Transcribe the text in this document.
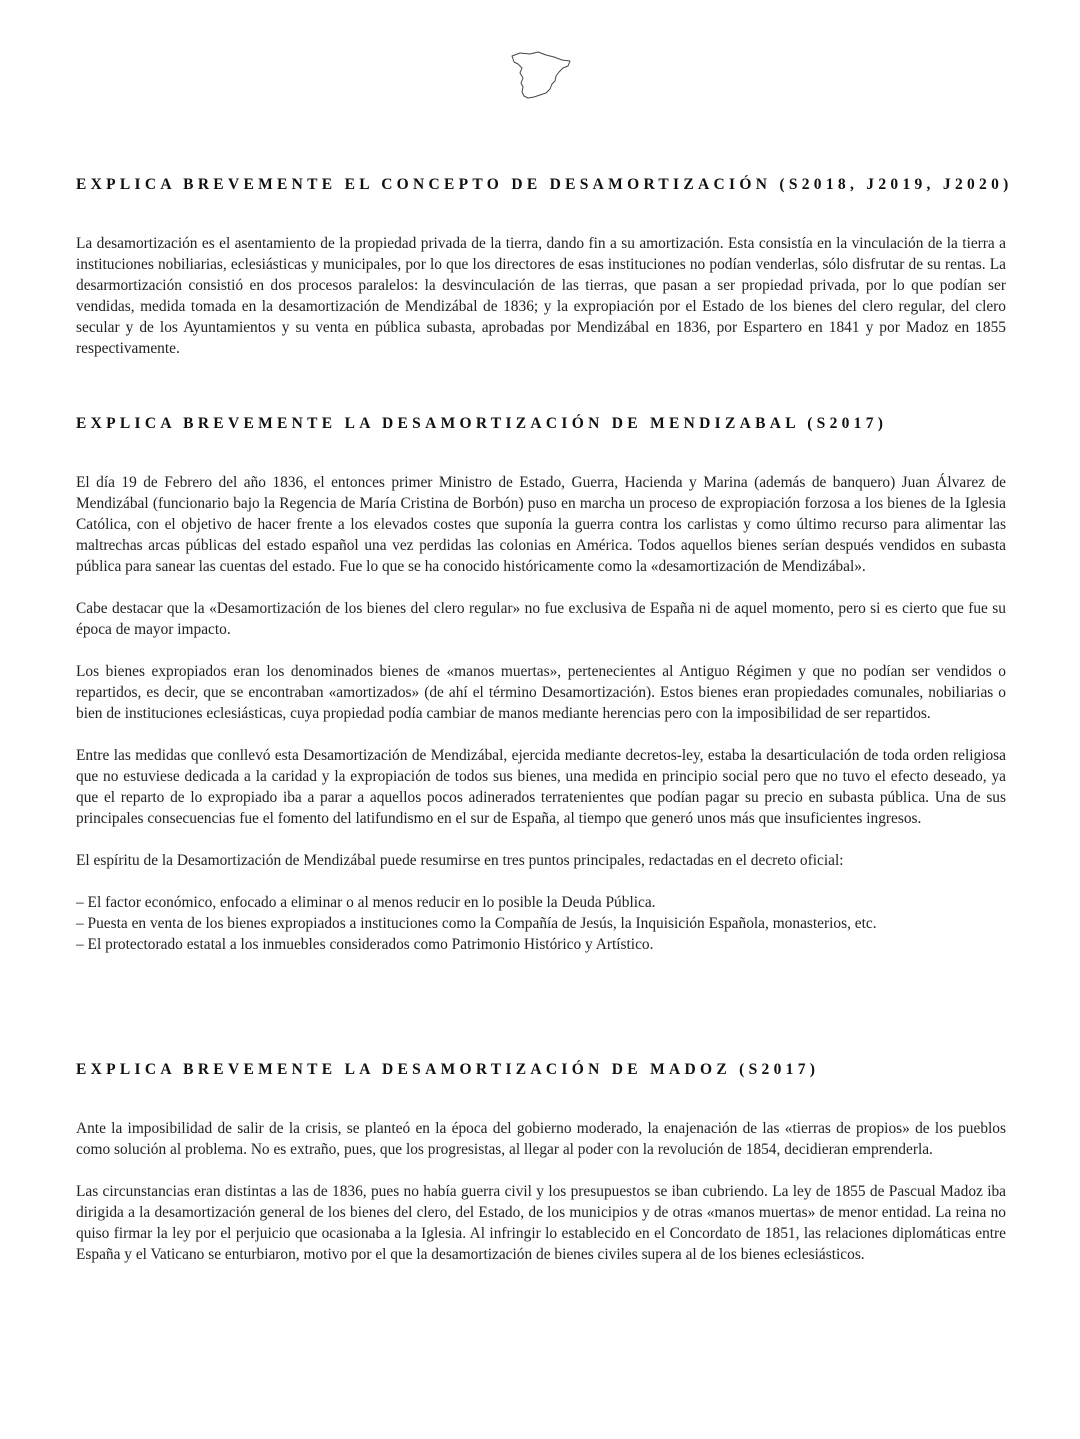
EXPLICA BREVEMENTE EL CONCEPTO DE DESAMORTIZACIÓN (S2018, J2019, J2020)

La desamortización es el asentamiento de la propiedad privada de la tierra, dando fin a su amortización. Esta consistía en la vinculación de la tierra a instituciones nobiliarias, eclesiásticas y municipales, por lo que los directores de esas instituciones no podían venderlas, sólo disfrutar de su rentas. La desarmortización consistió en dos procesos paralelos: la desvinculación de las tierras, que pasan a ser propiedad privada, por lo que podían ser vendidas, medida tomada en la desamortización de Mendizábal de 1836; y la expropiación por el Estado de los bienes del clero regular, del clero secular y de los Ayuntamientos y su venta en pública subasta, aprobadas por Mendizábal en 1836, por Espartero en 1841 y por Madoz en 1855 respectivamente.

EXPLICA BREVEMENTE LA DESAMORTIZACIÓN DE MENDIZABAL (S2017)

El día 19 de Febrero del año 1836, el entonces primer Ministro de Estado, Guerra, Hacienda y Marina (además de banquero) Juan Álvarez de Mendizábal (funcionario bajo la Regencia de María Cristina de Borbón) puso en marcha un proceso de expropiación forzosa a los bienes de la Iglesia Católica, con el objetivo de hacer frente a los elevados costes que suponía la guerra contra los carlistas y como último recurso para alimentar las maltrechas arcas públicas del estado español una vez perdidas las colonias en América. Todos aquellos bienes serían después vendidos en subasta pública para sanear las cuentas del estado. Fue lo que se ha conocido históricamente como la «desamortización de Mendizábal».

Cabe destacar que la «Desamortización de los bienes del clero regular» no fue exclusiva de España ni de aquel momento, pero si es cierto que fue su época de mayor impacto.

Los bienes expropiados eran los denominados bienes de «manos muertas», pertenecientes al Antiguo Régimen y que no podían ser vendidos o repartidos, es decir, que se encontraban «amortizados» (de ahí el término Desamortización). Estos bienes eran propiedades comunales, nobiliarias o bien de instituciones eclesiásticas, cuya propiedad podía cambiar de manos mediante herencias pero con la imposibilidad de ser repartidos.

Entre las medidas que conllevó esta Desamortización de Mendizábal, ejercida mediante decretos-ley, estaba la desarticulación de toda orden religiosa que no estuviese dedicada a la caridad y la expropiación de todos sus bienes, una medida en principio social pero que no tuvo el efecto deseado, ya que el reparto de lo expropiado iba a parar a aquellos pocos adinerados terratenientes que podían pagar su precio en subasta pública. Una de sus principales consecuencias fue el fomento del latifundismo en el sur de España, al tiempo que generó unos más que insuficientes ingresos.

El espíritu de la Desamortización de Mendizábal puede resumirse en tres puntos principales, redactadas en el decreto oficial:

– El factor económico, enfocado a eliminar o al menos reducir en lo posible la Deuda Pública.
– Puesta en venta de los bienes expropiados a instituciones como la Compañía de Jesús, la Inquisición Española, monasterios, etc.
– El protectorado estatal a los inmuebles considerados como Patrimonio Histórico y Artístico.
EXPLICA BREVEMENTE LA DESAMORTIZACIÓN DE MADOZ (S2017)

Ante la imposibilidad de salir de la crisis, se planteó en la época del gobierno moderado, la enajenación de las «tierras de propios» de los pueblos como solución al problema. No es extraño, pues, que los progresistas, al llegar al poder con la revolución de 1854, decidieran emprenderla.

Las circunstancias eran distintas a las de 1836, pues no había guerra civil y los presupuestos se iban cubriendo. La ley de 1855 de Pascual Madoz iba dirigida a la desamortización general de los bienes del clero, del Estado, de los municipios y de otras «manos muertas» de menor entidad. La reina no quiso firmar la ley por el perjuicio que ocasionaba a la Iglesia. Al infringir lo establecido en el Concordato de 1851, las relaciones diplomáticas entre España y el Vaticano se enturbiaron, motivo por el que la desamortización de bienes civiles supera al de los bienes eclesiásticos.
